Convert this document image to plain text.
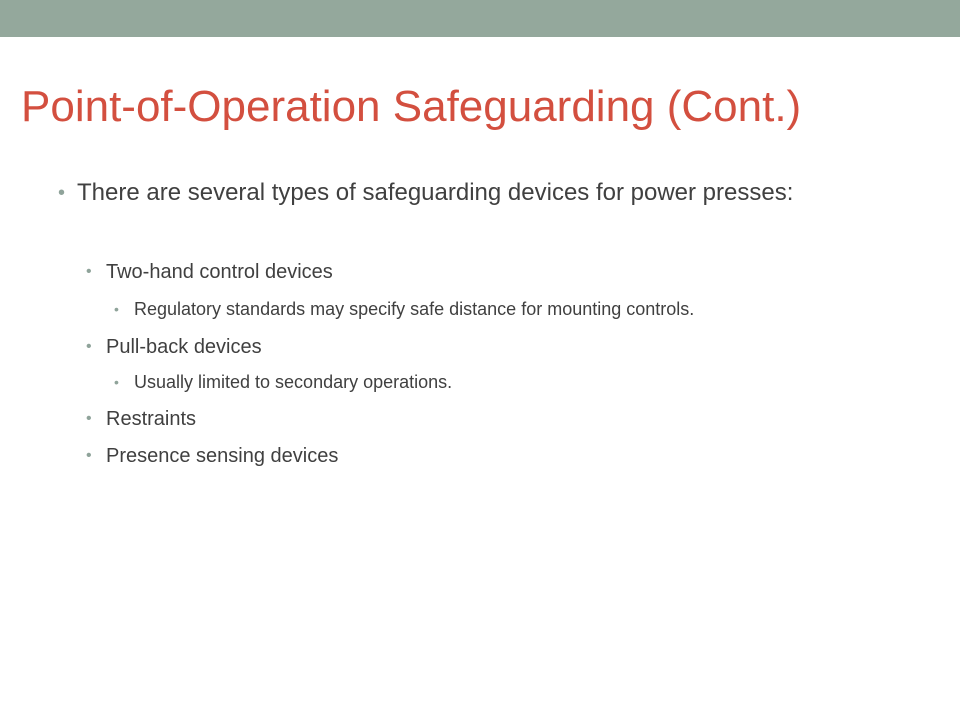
Point-of-Operation Safeguarding (Cont.)
• There are several types of safeguarding devices for power presses:
• Two-hand control devices
• Regulatory standards may specify safe distance for mounting controls.
• Pull-back devices
• Usually limited to secondary operations.
• Restraints
• Presence sensing devices
